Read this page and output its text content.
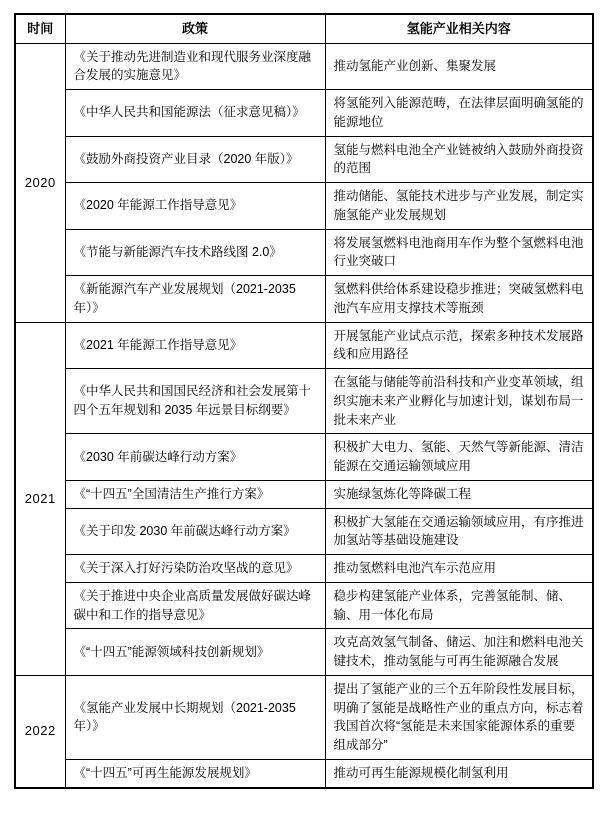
时间	政策	氢能产业相关内容
2020	《关于推动先进制造业和现代服务业深度融合发展的实施意见》	推动氢能产业创新、集聚发展
	《中华人民共和国能源法（征求意见稿）》	将氢能列入能源范畴，在法律层面明确氢能的能源地位
	《鼓励外商投资产业目录（2020 年版）》	氢能与燃料电池全产业链被纳入鼓励外商投资的范围
	《2020 年能源工作指导意见》	推动储能、氢能技术进步与产业发展，制定实施氢能产业发展规划
	《节能与新能源汽车技术路线图 2.0》	将发展氢燃料电池商用车作为整个氢燃料电池行业突破口
	《新能源汽车产业发展规划（2021-2035 年）》	氢燃料供给体系建设稳步推进；突破氢燃料电池汽车应用支撑技术等瓶颈
2021	《2021 年能源工作指导意见》	开展氢能产业试点示范，探索多种技术发展路线和应用路径
	《中华人民共和国国民经济和社会发展第十四个五年规划和 2035 年远景目标纲要》	在氢能与储能等前沿科技和产业变革领域，组织实施未来产业孵化与加速计划，谋划布局一批未来产业
	《2030 年前碳达峰行动方案》	积极扩大电力、氢能、天然气等新能源、清洁能源在交通运输领域应用
	《“十四五”全国清洁生产推行方案》	实施绿氢炼化等降碳工程
	《关于印发 2030 年前碳达峰行动方案》	积极扩大氢能在交通运输领域应用，有序推进加氢站等基础设施建设
	《关于深入打好污染防治攻坚战的意见》	推动氢燃料电池汽车示范应用
	《关于推进中央企业高质量发展做好碳达峰碳中和工作的指导意见》	稳步构建氢能产业体系，完善氢能制、储、输、用一体化布局
	《“十四五”能源领域科技创新规划》	攻克高效氢气制备、储运、加注和燃料电池关键技术，推动氢能与可再生能源融合发展
2022	《氢能产业发展中长期规划（2021-2035 年）》	提出了氢能产业的三个五年阶段性发展目标，明确了氢能是战略性产业的重点方向，标志着我国首次将“氢能是未来国家能源体系的重要组成部分”
	《“十四五”可再生能源发展规划》	推动可再生能源规模化制氢利用
